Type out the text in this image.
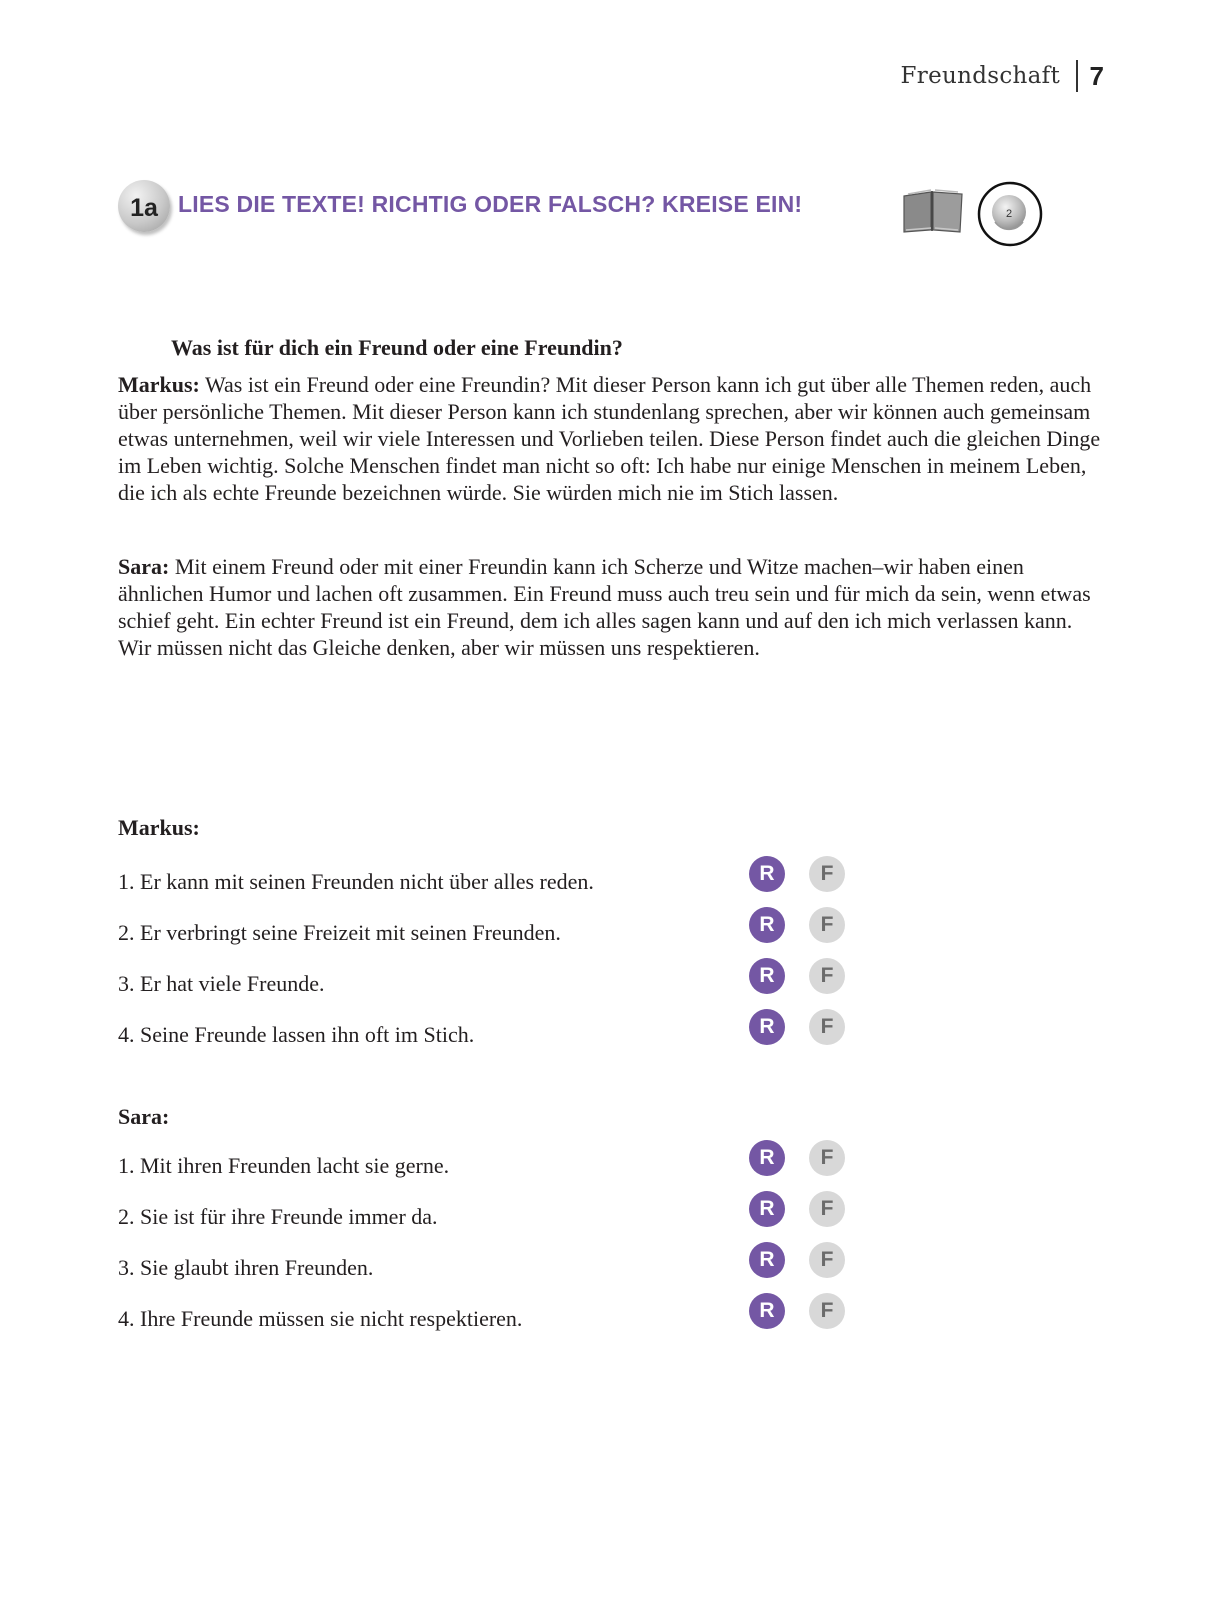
Freundschaft 7
1a LIES DIE TEXTE! RICHTIG ODER FALSCH? KREISE EIN!	2
Was ist für dich ein Freund oder eine Freundin?
Markus: Was ist ein Freund oder eine Freundin? Mit dieser Person kann ich gut über alle Themen reden, auch über persönliche Themen. Mit dieser Person kann ich stundenlang sprechen, aber wir können auch gemeinsam etwas unternehmen, weil wir viele Interessen und Vorlieben teilen. Diese Person findet auch die gleichen Dinge im Leben wichtig. Solche Menschen findet man nicht so oft: Ich habe nur einige Menschen in meinem Leben, die ich als echte Freunde bezeichnen würde. Sie würden mich nie im Stich lassen.
Sara: Mit einem Freund oder mit einer Freundin kann ich Scherze und Witze machen–wir haben einen ähnlichen Humor und lachen oft zusammen. Ein Freund muss auch treu sein und für mich da sein, wenn etwas schief geht. Ein echter Freund ist ein Freund, dem ich alles sagen kann und auf den ich mich verlassen kann. Wir müssen nicht das Gleiche denken, aber wir müssen uns respektieren.
Markus:
1. Er kann mit seinen Freunden nicht über alles reden.	R	F
2. Er verbringt seine Freizeit mit seinen Freunden.	R	F
3. Er hat viele Freunde.	R	F
4. Seine Freunde lassen ihn oft im Stich.	R	F
Sara:
1. Mit ihren Freunden lacht sie gerne.	R	F
2. Sie ist für ihre Freunde immer da.	R	F
3. Sie glaubt ihren Freunden.	R	F
4. Ihre Freunde müssen sie nicht respektieren.	R	F
